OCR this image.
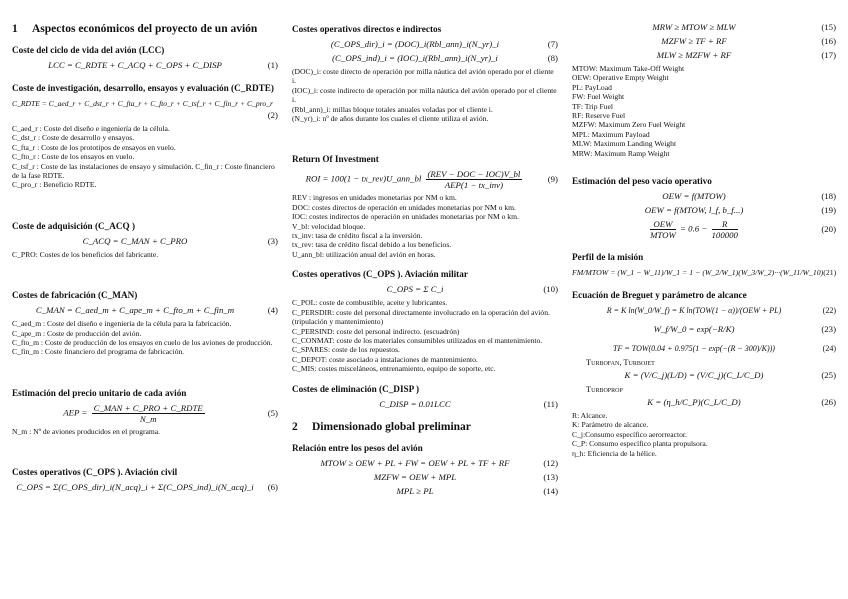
1	Aspectos económicos del proyecto de un avión
Coste del ciclo de vida del avión (LCC)
LCC = C_RDTE + C_ACQ + C_OPS + C_DISP	(1)
Coste de investigación, desarrollo, ensayos y evaluación (C_RDTE)
C_RDTE = C_aed_r + C_dst_r + C_fta_r + C_fto_r + C_tsf_r + C_fin_r + C_pro_r
(2)

C_aed_r : Coste del diseño e ingeniería de la célula.

C_dst_r : Coste de desarrollo y ensayos.

C_fta_r : Coste de los prototipos de ensayos en vuelo.

C_fto_r : Coste de los ensayos en vuelo.

C_tsf_r : Coste de las instalaciones de ensayo y simulación. C_fin_r : Coste financiero de la fase RDTE.

C_pro_r : Beneficio RDTE.

Coste de adquisición (C_ACQ )
C_ACQ = C_MAN + C_PRO	(3)

C_PRO: Costes de los beneficios del fabricante.

Costes de fabricación (C_MAN)
C_MAN = C_aed_m + C_ape_m + C_fto_m + C_fin_m	(4)

C_aed_m : Coste del diseño e ingeniería de la célula para la fabricación.

C_ape_m : Coste de producción del avión.

C_fto_m : Coste de producción de los ensayos en cuelo de los aviones de producción.

C_fin_m : Coste financiero del programa de fabricación.

Estimación del precio unitario de cada avión
AEP = $\frac{\text{C\_MAN + C\_PRO + C\_RDTE}}{N\_m}$	(5)

N_m : Nº de aviones producidos en el programa.

Costes operativos (C_OPS ). Aviación civil
C_OPS = Σ(C_OPS_dir)_i(N_acq)_i + Σ(C_OPS_ind)_i(N_acq)_i	(6)
Costes operativos directos e indirectos
(C_OPS_dir)_i = (DOC)_i(Rbl_ann)_i(N_yr)_i	(7)
(C_OPS_ind)_i = (IOC)_i(Rbl_ann)_i(N_yr)_i	(8)

(DOC)_i: coste directo de operación por milla náutica del avión operado por el cliente i.

(IOC)_i: coste indirecto de operación por milla náutica del avión operado por el cliente i.

(Rbl_ann)_i: millas bloque totales anuales voladas por el cliente i.

(N_yr)_i: nº de años durante los cuales el cliente utiliza el avión.

Return Of Investment
ROI = 100(1 − tx_rev)U_ann_bl $\frac{\text{(REV − DOC − IOC)V\_bl}}{\text{AEP(1 − tx\_inv)}}$	(9)

REV : ingresos en unidades monetarias por NM o km.

DOC: costes directos de operación en unidades monetarias por NM o km.

IOC: costes indirectos de operación en unidades monetarias por NM o km.

V_bl: velocidad bloque.

tx_inv: tasa de crédito fiscal a la inversión.

tx_rev: tasa de crédito fiscal debido a los beneficios.

U_ann_bl: utilización anual del avión en horas.

Costes operativos (C_OPS ). Aviación militar
C_OPS = Σ C_i	(10)

C_POL: coste de combustible, aceite y lubricantes.

C_PERSDIR: coste del personal directamente involucrado en la operación del avión.(tripulación y mantenimiento)

C_PERSIND: coste del personal indirecto. (escuadrón)

C_CONMAT: coste de los materiales consumibles utilizados en el mantenimiento.

C_SPARES: coste de los repuestos.

C_DEPOT: coste asociado a instalaciones de mantenimiento.

C_MIS: costes misceláneos, entrenamiento, equipo de soporte, etc.

Costes de eliminación (C_DISP )
C_DISP = 0.01LCC	(11)
2	Dimensionado global preliminar
Relación entre los pesos del avión
MTOW ≥ OEW + PL + FW = OEW + PL + TF + RF	(12)
MZFW = OEW + MPL	(13)
MPL ≥ PL	(14)
MRW ≥ MTOW ≥ MLW	(15)
MZFW ≥ TF + RF	(16)
MLW ≥ MZFW + RF	(17)

MTOW: Maximum Take-Off Weight

OEW: Operative Empty Weight

PL: PayLoad

FW: Fuel Weight

TF: Trip Fuel

RF: Reserve Fuel

MZFW: Maximum Zero Fuel Weight

MPL: Maximum Payload

MLW: Maximum Landing Weight

MRW: Maximum Ramp Weight

Estimación del peso vacío operativo
OEW = f(MTOW)	(18)
OEW = f(MTOW, l_f, b_f...)	(19)
$\frac{\text{OEW}}{\text{MTOW}} = 0.6 - \frac{R}{100000}$	(20)
Perfil de la misión
FM/MTOW = (W_1 − W_11)/W_1 = 1 − (W_2/W_1)(W_3/W_2)···(W_11/W_10) (21)
Ecuación de Breguet y parámetro de alcance
R = K ln(W_0/W_f) = K ln(TOW(1 − α))/(OEW + PL)	(22)
W_f/W_0 = exp(−R/K)	(23)
TF = TOW(0.04 + 0.975(1 − exp(−(R − 300)/K)))	(24)
Turbofan, Turbojet
K = (V/C_j)(L/D) = (V/C_j)(C_L/C_D)	(25)
Turboprop
K = (η_h/C_P)(C_L/C_D)	(26)

R: Alcance.

K: Parámetro de alcance.

C_j:Consumo específico aerorreactor.

C_P: Consumo específico planta propulsora.

η_h: Eficiencia de la hélice.
